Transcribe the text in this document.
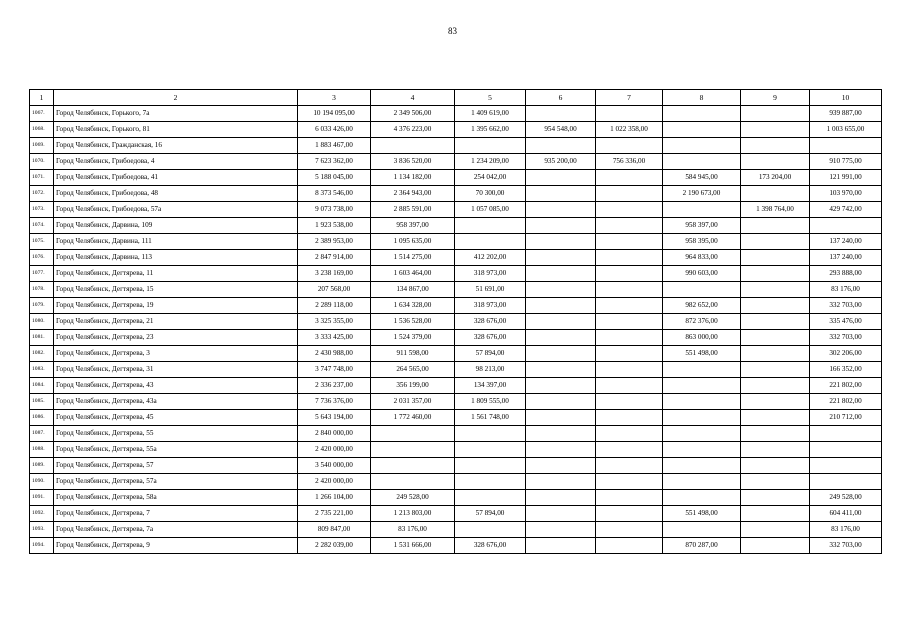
83
1	2	3	4	5	6	7	8	9	10
1067.	Город Челябинск, Горького, 7а	10 194 095,00	2 349 506,00	1 409 619,00					939 887,00
1068.	Город Челябинск, Горького, 81	6 033 426,00	4 376 223,00	1 395 662,00	954 548,00	1 022 358,00			1 003 655,00
1069.	Город Челябинск, Гражданская, 16	1 883 467,00							
1070.	Город Челябинск, Грибоедова, 4	7 623 362,00	3 836 520,00	1 234 209,00	935 200,00	756 336,00			910 775,00
1071.	Город Челябинск, Грибоедова, 41	5 188 045,00	1 134 182,00	254 042,00			584 945,00	173 204,00	121 991,00
1072.	Город Челябинск, Грибоедова, 48	8 373 546,00	2 364 943,00	70 300,00			2 190 673,00		103 970,00
1073.	Город Челябинск, Грибоедова, 57а	9 073 738,00	2 885 591,00	1 057 085,00				1 398 764,00	429 742,00
1074.	Город Челябинск, Дарвина, 109	1 923 538,00	958 397,00				958 397,00		
1075.	Город Челябинск, Дарвина, 111	2 389 953,00	1 095 635,00				958 395,00		137 240,00
1076.	Город Челябинск, Дарвина, 113	2 847 914,00	1 514 275,00	412 202,00			964 833,00		137 240,00
1077.	Город Челябинск, Дегтярева, 11	3 238 169,00	1 603 464,00	318 973,00			990 603,00		293 888,00
1078.	Город Челябинск, Дегтярева, 15	207 568,00	134 867,00	51 691,00					83 176,00
1079.	Город Челябинск, Дегтярева, 19	2 289 118,00	1 634 328,00	318 973,00			982 652,00		332 703,00
1080.	Город Челябинск, Дегтярева, 21	3 325 355,00	1 536 528,00	328 676,00			872 376,00		335 476,00
1081.	Город Челябинск, Дегтярева, 23	3 333 425,00	1 524 379,00	328 676,00			863 000,00		332 703,00
1082.	Город Челябинск, Дегтярева, 3	2 430 988,00	911 598,00	57 894,00			551 498,00		302 206,00
1083.	Город Челябинск, Дегтярева, 31	3 747 748,00	264 565,00	98 213,00					166 352,00
1084.	Город Челябинск, Дегтярева, 43	2 336 237,00	356 199,00	134 397,00					221 802,00
1085.	Город Челябинск, Дегтярева, 43а	7 736 376,00	2 031 357,00	1 809 555,00					221 802,00
1086.	Город Челябинск, Дегтярева, 45	5 643 194,00	1 772 460,00	1 561 748,00					210 712,00
1087.	Город Челябинск, Дегтярева, 55	2 840 000,00							
1088.	Город Челябинск, Дегтярева, 55а	2 420 000,00							
1089.	Город Челябинск, Дегтярева, 57	3 540 000,00							
1090.	Город Челябинск, Дегтярева, 57а	2 420 000,00							
1091.	Город Челябинск, Дегтярева, 58а	1 266 104,00	249 528,00						249 528,00
1092.	Город Челябинск, Дегтярева, 7	2 735 221,00	1 213 803,00	57 894,00			551 498,00		604 411,00
1093.	Город Челябинск, Дегтярева, 7а	809 847,00	83 176,00						83 176,00
1094.	Город Челябинск, Дегтярева, 9	2 282 039,00	1 531 666,00	328 676,00			870 287,00		332 703,00
